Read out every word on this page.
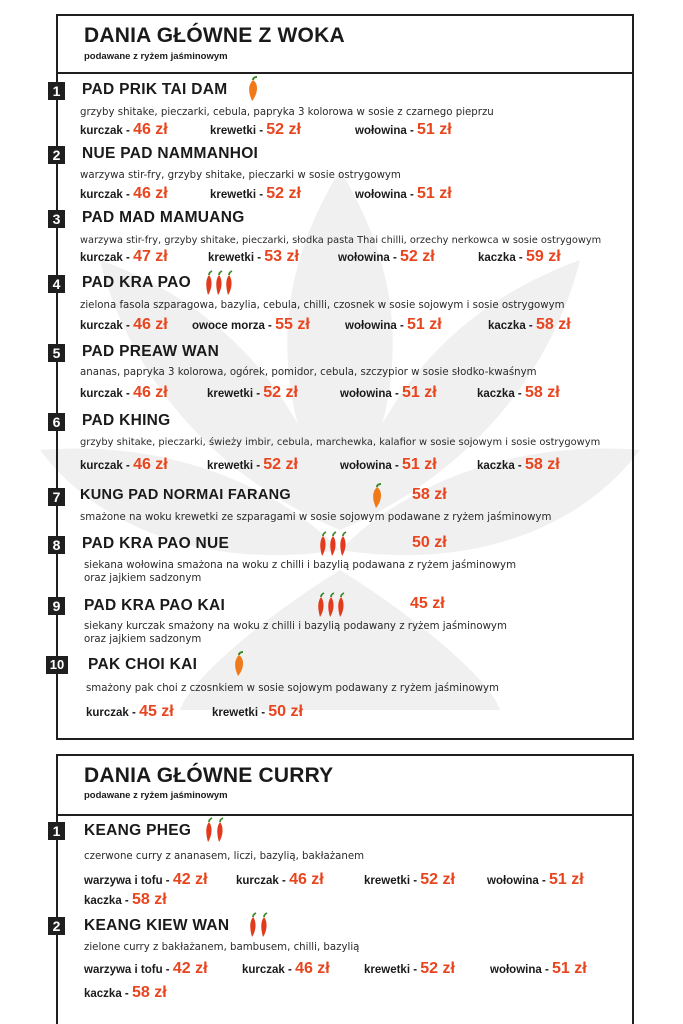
DANIA GŁÓWNE Z WOKA
podawane z ryżem jaśminowym
1 PAD PRIK TAI DAM
grzyby shitake, pieczarki, cebula, papryka 3 kolorowa w sosie z czarnego pieprzu
kurczak - 46 zł	krewetki - 52 zł	wołowina - 51 zł
2 NUE PAD NAMMANHOI
warzywa stir-fry, grzyby shitake, pieczarki w sosie ostrygowym
kurczak - 46 zł	krewetki - 52 zł	wołowina - 51 zł
3 PAD MAD MAMUANG
warzywa stir-fry, grzyby shitake, pieczarki, słodka pasta Thai chilli, orzechy nerkowca w sosie ostrygowym
kurczak - 47 zł	krewetki - 53 zł	wołowina - 52 zł	kaczka - 59 zł
4 PAD KRA PAO
zielona fasola szparagowa, bazylia, cebula, chilli, czosnek w sosie sojowym i sosie ostrygowym
kurczak - 46 zł owoce morza - 55 zł	wołowina - 51 zł	kaczka - 58 zł
5 PAD PREAW WAN
ananas, papryka 3 kolorowa, ogórek, pomidor, cebula, szczypior w sosie słodko-kwaśnym
kurczak - 46 zł	krewetki - 52 zł	wołowina - 51 zł	kaczka - 58 zł
6 PAD KHING
grzyby shitake, pieczarki, świeży imbir, cebula, marchewka, kalafior w sosie sojowym i sosie ostrygowym
kurczak - 46 zł	krewetki - 52 zł	wołowina - 51 zł	kaczka - 58 zł
7	KUNG PAD NORMAI FARANG	58 zł
smażone na woku krewetki ze szparagami w sosie sojowym podawane z ryżem jaśminowym
8 PAD KRA PAO NUE	50 zł
siekana wołowina smażona na woku z chilli i bazylią podawana z ryżem jaśminowym
oraz jajkiem sadzonym
9 PAD KRA PAO KAI	45 zł
siekany kurczak smażony na woku z chilli i bazylią podawany z ryżem jaśminowym
oraz jajkiem sadzonym
10 PAK CHOI KAI
smażony pak choi z czosnkiem w sosie sojowym podawany z ryżem jaśminowym
kurczak - 45 zł	krewetki - 50 zł
DANIA GŁÓWNE CURRY
podawane z ryżem jaśminowym
1 KEANG PHEG
czerwone curry z ananasem, liczi, bazylią, bakłażanem
warzywa i tofu - 42 zł kurczak - 46 zł	krewetki - 52 zł	wołowina - 51 zł
kaczka - 58 zł
2 KEANG KIEW WAN
zielone curry z bakłażanem, bambusem, chilli, bazylią
warzywa i tofu - 42 zł	kurczak - 46 zł	krewetki - 52 zł	wołowina - 51 zł
kaczka - 58 zł
